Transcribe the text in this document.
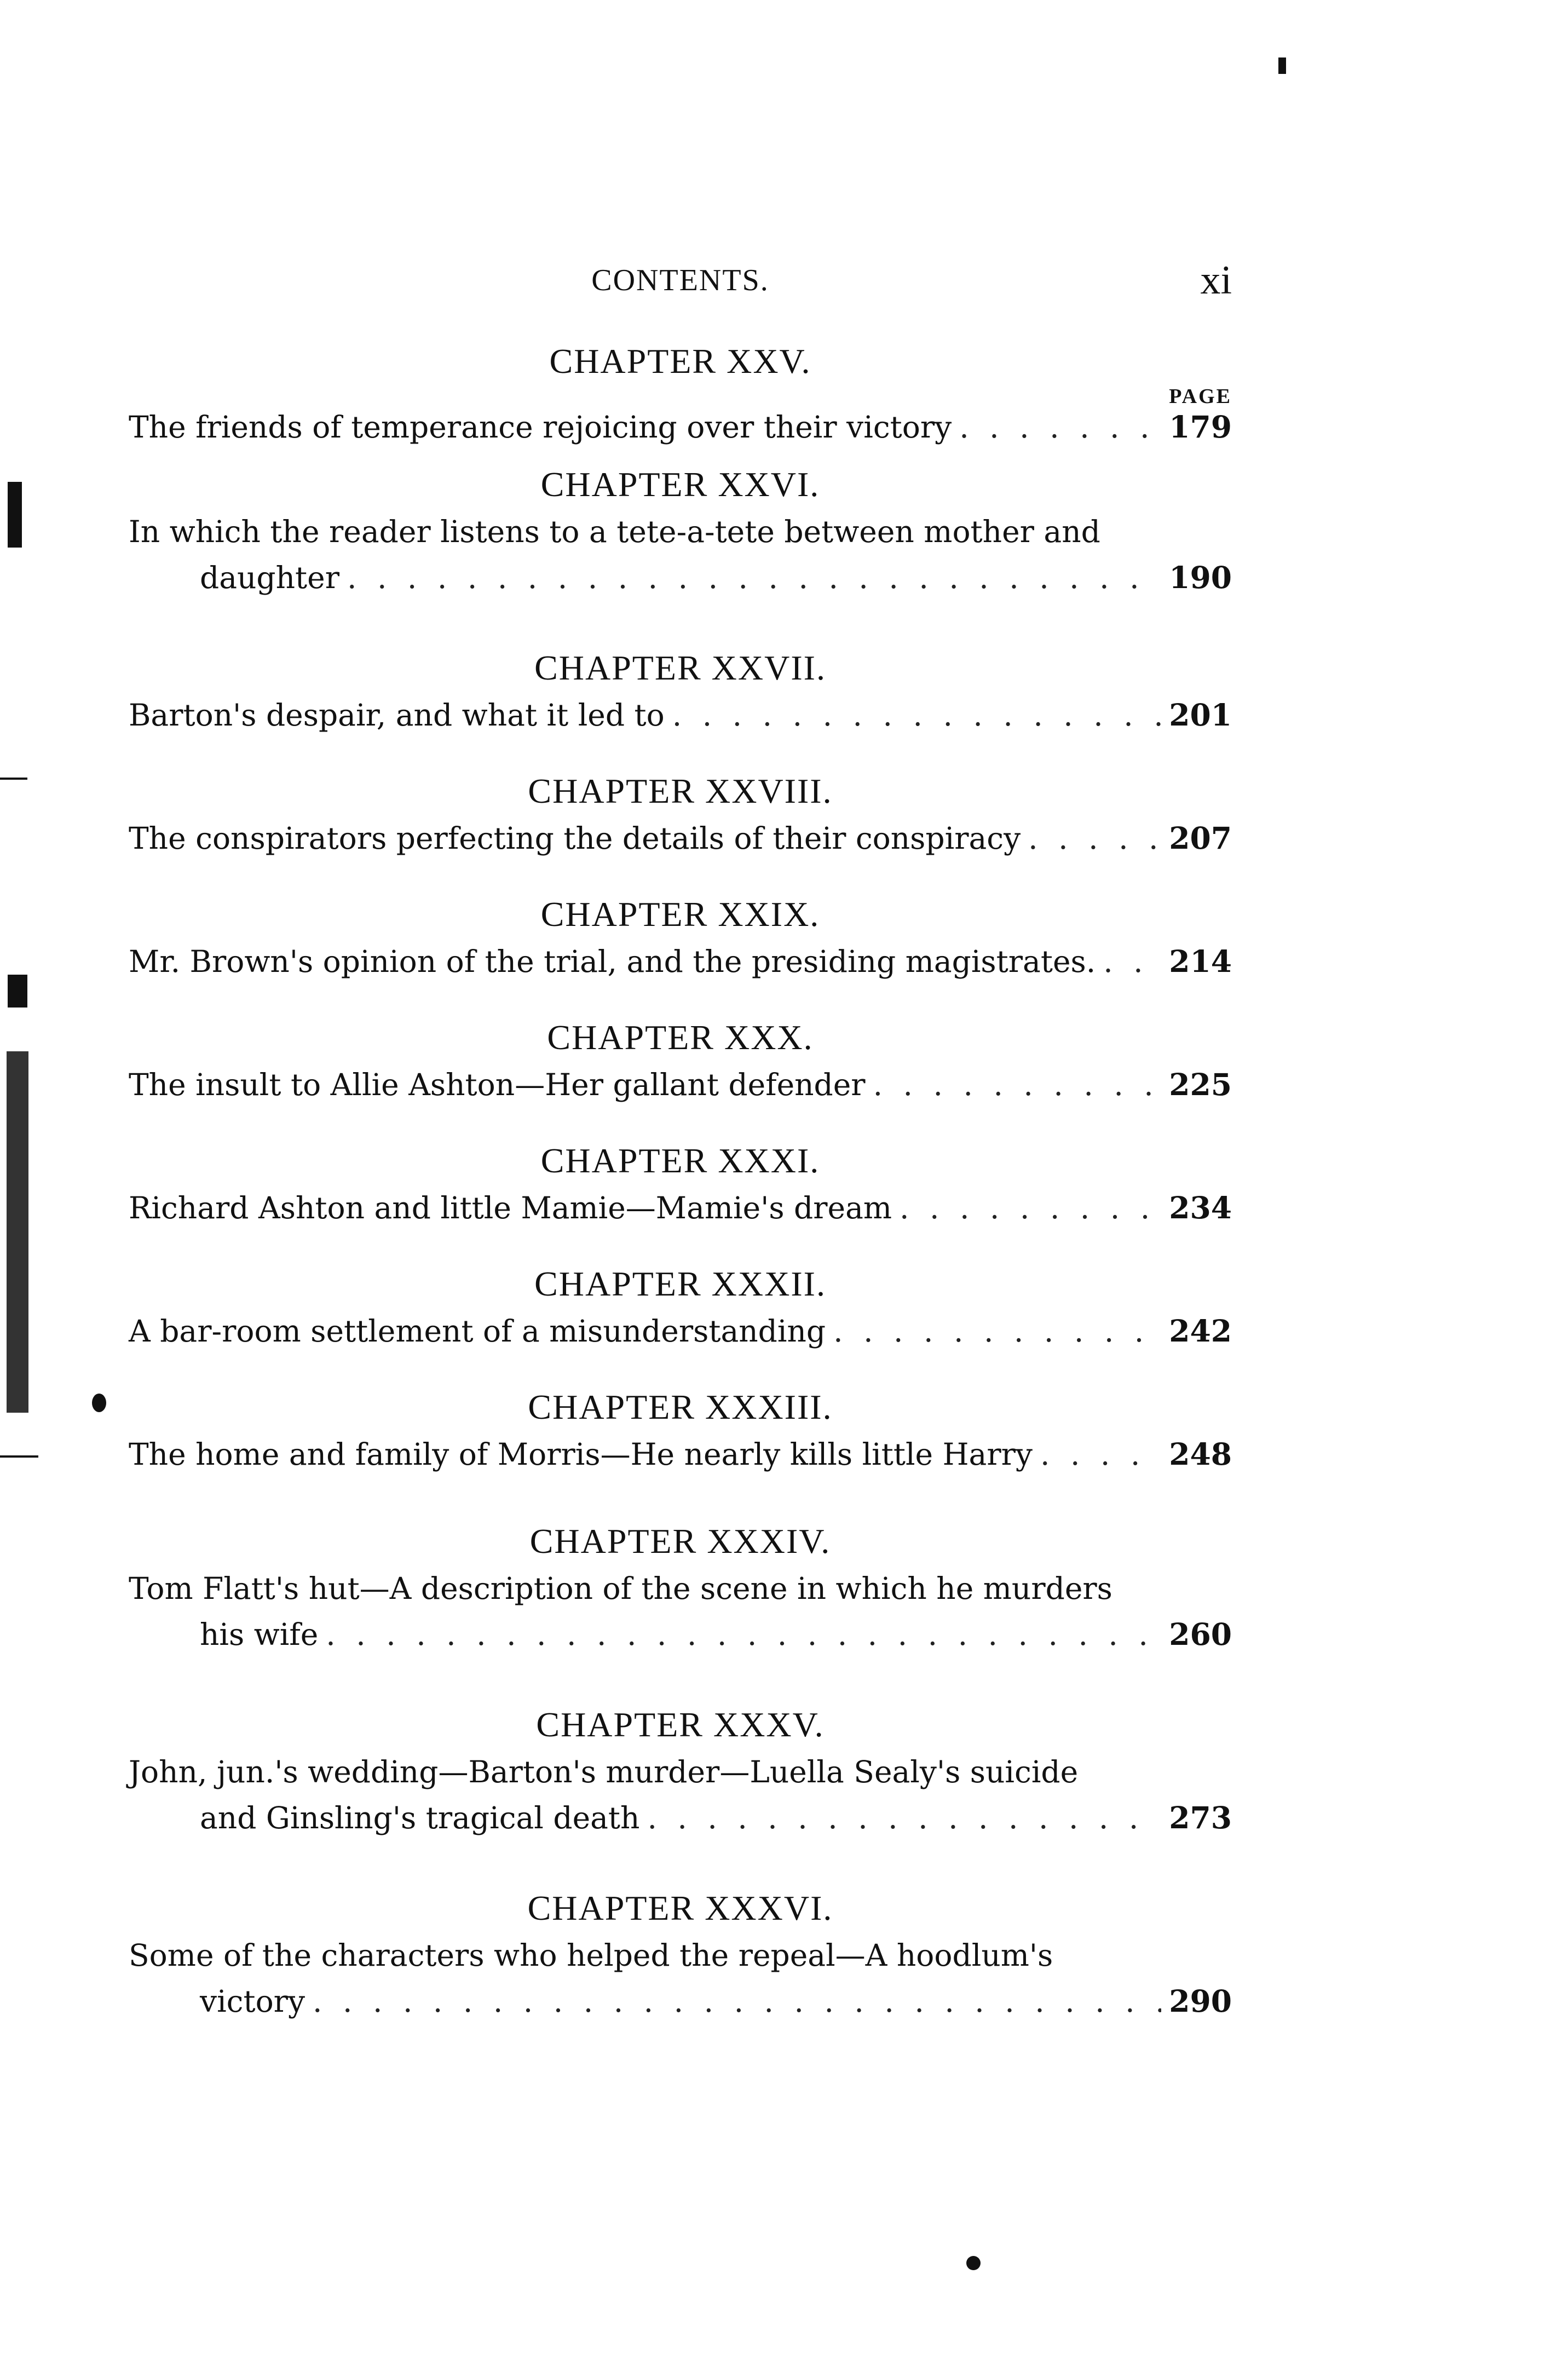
CONTENTS.	xi
CHAPTER XXV.
PAGE
The friends of temperance rejoicing over their victory . . .	179
CHAPTER XXVI.
In which the reader listens to a tete-a-tete between mother and
daughter . . .	190
CHAPTER XXVII.
Barton's despair, and what it led to . . .	201
CHAPTER XXVIII.
The conspirators perfecting the details of their conspiracy . . .	207
CHAPTER XXIX.
Mr. Brown's opinion of the trial, and the presiding magistrates. . . . 214
CHAPTER XXX.
The insult to Allie Ashton—Her gallant defender . . .	225
CHAPTER XXXI.
Richard Ashton and little Mamie—Mamie's dream . . .	234
CHAPTER XXXII.
A bar-room settlement of a misunderstanding . . .	242
CHAPTER XXXIII.
The home and family of Morris—He nearly kills little Harry . . .	248
CHAPTER XXXIV.
Tom Flatt's hut—A description of the scene in which he murders
his wife . . .	260
CHAPTER XXXV.
John, jun.'s wedding—Barton's murder—Luella Sealy's suicide
and Ginsling's tragical death . . .	273
CHAPTER XXXVI.
Some of the characters who helped the repeal—A hoodlum's
victory . . .	290
